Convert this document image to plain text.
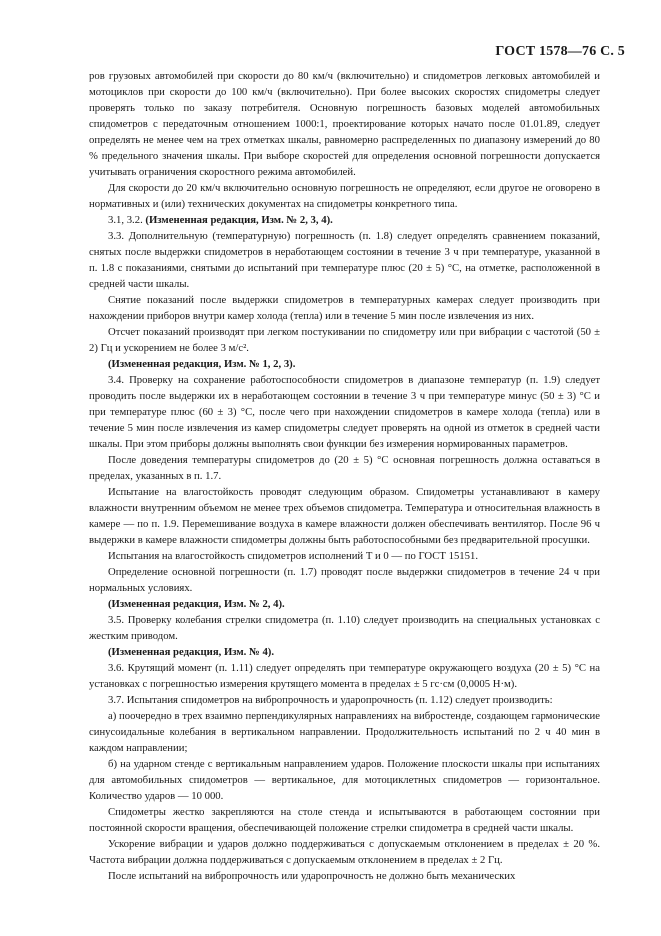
ГОСТ 1578—76 С. 5

ров грузовых автомобилей при скорости до 80 км/ч (включительно) и спидометров легковых автомобилей и мотоциклов при скорости до 100 км/ч (включительно). При более высоких скоростях спидометры следует проверять только по заказу потребителя. Основную погрешность базовых моделей автомобильных спидометров с передаточным отношением 1000:1, проектирование которых начато после 01.01.89, следует определять не менее чем на трех отметках шкалы, равномерно распределенных по диапазону измерений до 80 % предельного значения шкалы. При выборе скоростей для определения основной погрешности допускается учитывать ограничения скоростного режима автомобилей.

Для скорости до 20 км/ч включительно основную погрешность не определяют, если другое не оговорено в нормативных и (или) технических документах на спидометры конкретного типа.

3.1, 3.2. (Измененная редакция, Изм. № 2, 3, 4).

3.3. Дополнительную (температурную) погрешность (п. 1.8) следует определять сравнением показаний, снятых после выдержки спидометров в неработающем состоянии в течение 3 ч при температуре, указанной в п. 1.8 с показаниями, снятыми до испытаний при температуре плюс (20 ± 5) °С, на отметке, расположенной в средней части шкалы.

Снятие показаний после выдержки спидометров в температурных камерах следует производить при нахождении приборов внутри камер холода (тепла) или в течение 5 мин после извлечения из них.

Отсчет показаний производят при легком постукивании по спидометру или при вибрации с частотой (50 ± 2) Гц и ускорением не более 3 м/с².

(Измененная редакция, Изм. № 1, 2, 3).

3.4. Проверку на сохранение работоспособности спидометров в диапазоне температур (п. 1.9) следует проводить после выдержки их в неработающем состоянии в течение 3 ч при температуре минус (50 ± 3) °С и при температуре плюс (60 ± 3) °С, после чего при нахождении спидометров в камере холода (тепла) или в течение 5 мин после извлечения из камер спидометры следует проверять на одной из отметок в средней части шкалы. При этом приборы должны выполнять свои функции без измерения нормированных параметров.

После доведения температуры спидометров до (20 ± 5) °С основная погрешность должна оставаться в пределах, указанных в п. 1.7.

Испытание на влагостойкость проводят следующим образом. Спидометры устанавливают в камеру влажности внутренним объемом не менее трех объемов спидометра. Температура и относительная влажность в камере — по п. 1.9. Перемешивание воздуха в камере влажности должен обеспечивать вентилятор. После 96 ч выдержки в камере влажности спидометры должны быть работоспособными без предварительной просушки.

Испытания на влагостойкость спидометров исполнений Т и 0 — по ГОСТ 15151.

Определение основной погрешности (п. 1.7) проводят после выдержки спидометров в течение 24 ч при нормальных условиях.

(Измененная редакция, Изм. № 2, 4).

3.5. Проверку колебания стрелки спидометра (п. 1.10) следует производить на специальных установках с жестким приводом.

(Измененная редакция, Изм. № 4).

3.6. Крутящий момент (п. 1.11) следует определять при температуре окружающего воздуха (20 ± 5) °С на установках с погрешностью измерения крутящего момента в пределах ± 5 гс·см (0,0005 Н·м).

3.7. Испытания спидометров на вибропрочность и ударопрочность (п. 1.12) следует производить:

а) поочередно в трех взаимно перпендикулярных направлениях на вибростенде, создающем гармонические синусоидальные колебания в вертикальном направлении. Продолжительность испытаний по 2 ч 40 мин в каждом направлении;

б) на ударном стенде с вертикальным направлением ударов. Положение плоскости шкалы при испытаниях для автомобильных спидометров — вертикальное, для мотоциклетных спидометров — горизонтальное. Количество ударов — 10 000.

Спидометры жестко закрепляются на столе стенда и испытываются в работающем состоянии при постоянной скорости вращения, обеспечивающей положение стрелки спидометра в средней части шкалы.

Ускорение вибрации и ударов должно поддерживаться с допускаемым отклонением в пределах ± 20 %. Частота вибрации должна поддерживаться с допускаемым отклонением в пределах ± 2 Гц.

После испытаний на вибропрочность или ударопрочность не должно быть механических
